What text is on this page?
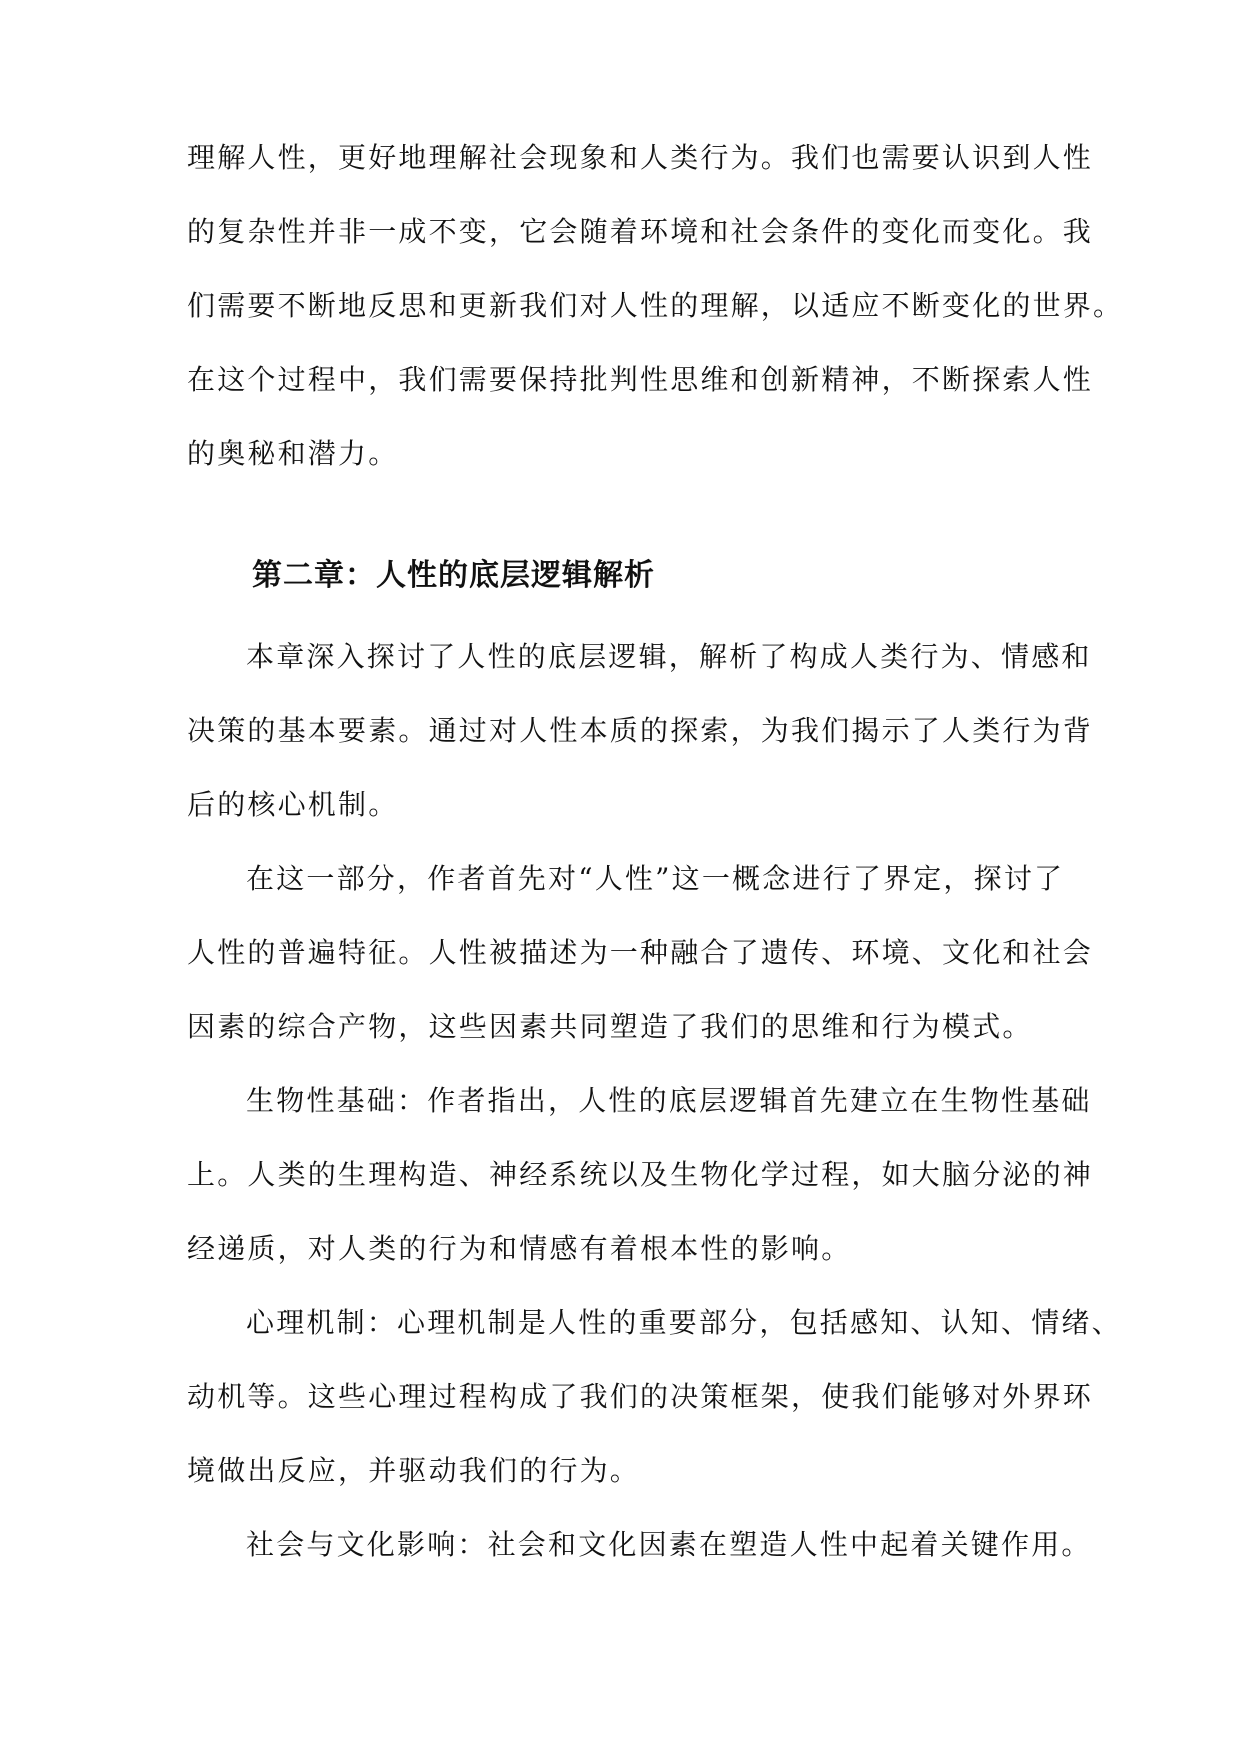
理解人性，更好地理解社会现象和人类行为。我们也需要认识到人性
的复杂性并非一成不变，它会随着环境和社会条件的变化而变化。我
们需要不断地反思和更新我们对人性的理解，以适应不断变化的世界。
在这个过程中，我们需要保持批判性思维和创新精神，不断探索人性
的奥秘和潜力。
第二章：人性的底层逻辑解析
本章深入探讨了人性的底层逻辑，解析了构成人类行为、情感和
决策的基本要素。通过对人性本质的探索，为我们揭示了人类行为背
后的核心机制。
在这一部分，作者首先对“人性”这一概念进行了界定，探讨了
人性的普遍特征。人性被描述为一种融合了遗传、环境、文化和社会
因素的综合产物，这些因素共同塑造了我们的思维和行为模式。
生物性基础：作者指出，人性的底层逻辑首先建立在生物性基础
上。人类的生理构造、神经系统以及生物化学过程，如大脑分泌的神
经递质，对人类的行为和情感有着根本性的影响。
心理机制：心理机制是人性的重要部分，包括感知、认知、情绪、
动机等。这些心理过程构成了我们的决策框架，使我们能够对外界环
境做出反应，并驱动我们的行为。
社会与文化影响：社会和文化因素在塑造人性中起着关键作用。
